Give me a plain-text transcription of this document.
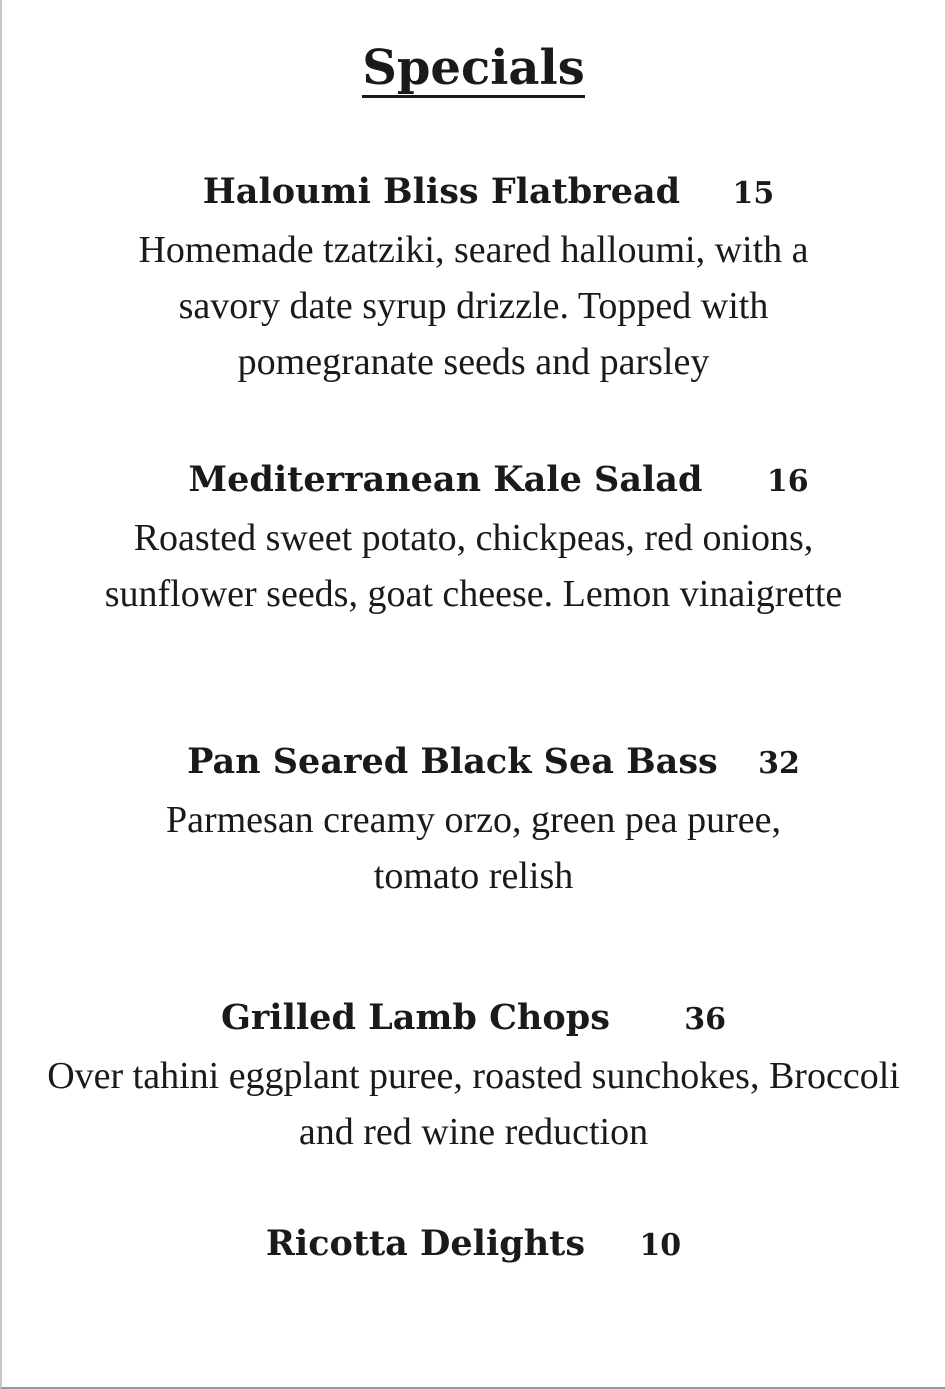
Specials
Haloumi Bliss Flatbread 15
Homemade tzatziki, seared halloumi, with a savory date syrup drizzle. Topped with pomegranate seeds and parsley
Mediterranean Kale Salad 16
Roasted sweet potato, chickpeas, red onions, sunflower seeds, goat cheese. Lemon vinaigrette
Pan Seared Black Sea Bass 32
Parmesan creamy orzo, green pea puree, tomato relish
Grilled Lamb Chops 36
Over tahini eggplant puree, roasted sunchokes, Broccoli and red wine reduction
Ricotta Delights 10
